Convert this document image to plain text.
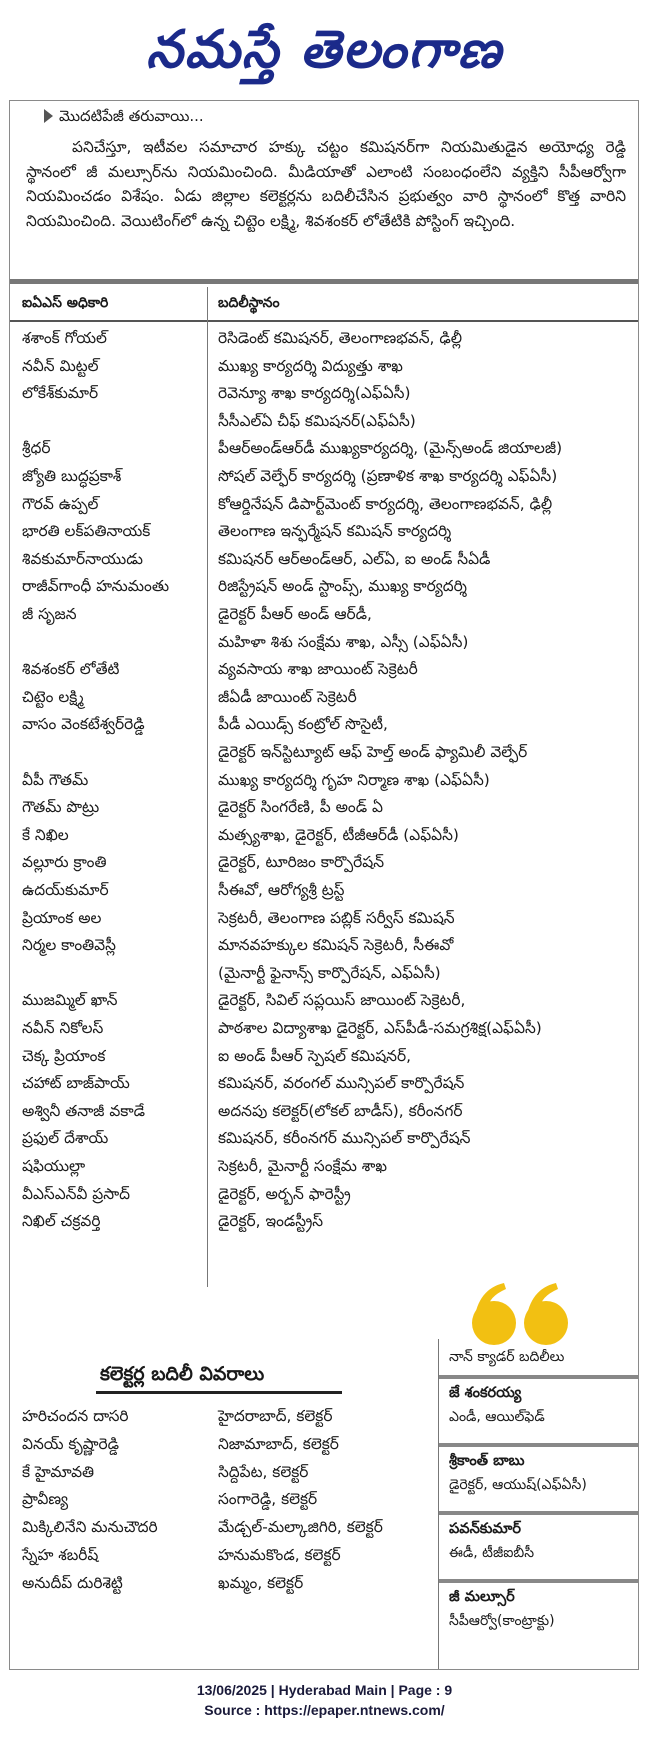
నమస్తే తెలంగాణ
మొదటిపేజీ తరువాయి...

పనిచేస్తూ, ఇటీవల సమాచార హక్కు చట్టం కమిషనర్‌గా నియమితుడైన అయోధ్య రెడ్డి స్థానంలో జీ మల్సూర్‌ను నియమించింది. మీడియాతో ఎలాంటి సంబంధంలేని వ్యక్తిని సీపీఆర్వోగా నియమించడం విశేషం. ఏడు జిల్లాల కలెక్టర్లను బదిలీచేసిన ప్రభుత్వం వారి స్థానంలో కొత్త వారిని నియమించింది. వెయిటింగ్‌లో ఉన్న చిట్టెం లక్ష్మి, శివశంకర్ లోతేటికి పోస్టింగ్ ఇచ్చింది.

ఐఏఎస్ అధికారి	బదిలీస్థానం
శశాంక్ గోయల్	రెసిడెంట్ కమిషనర్, తెలంగాణభవన్, ఢిల్లీ
నవీన్ మిట్టల్	ముఖ్య కార్యదర్శి విద్యుత్తు శాఖ
లోకేశ్‌కుమార్	రెవెన్యూ శాఖ కార్యదర్శి(ఎఫ్ఏసీ)
సీసీఎల్ఏ చీఫ్ కమిషనర్(ఎఫ్ఏసీ)
శ్రీధర్	పీఆర్అండ్ఆర్‌డీ ముఖ్యకార్యదర్శి, (మైన్స్అండ్ జియాలజీ)
జ్యోతి బుద్ధప్రకాశ్	సోషల్ వెల్ఫేర్ కార్యదర్శి (ప్రణాళిక శాఖ కార్యదర్శి ఎఫ్ఏసీ)
గౌరవ్ ఉప్పల్	కోఆర్డినేషన్ డిపార్ట్‌మెంట్ కార్యదర్శి, తెలంగాణభవన్, ఢిల్లీ
భారతి లక్‌పతినాయక్	తెలంగాణ ఇన్ఫర్మేషన్ కమిషన్ కార్యదర్శి
శివకుమార్‌నాయుడు	కమిషనర్ ఆర్అండ్ఆర్, ఎల్ఏ, ఐ అండ్ సీఏడీ
రాజీవ్‌గాంధీ హనుమంతు	రిజిస్ట్రేషన్ అండ్ స్టాంప్స్, ముఖ్య కార్యదర్శి
జీ సృజన	డైరెక్టర్ పీఆర్ అండ్ ఆర్‌డీ,
మహిళా శిశు సంక్షేమ శాఖ, ఎస్సీ (ఎఫ్ఏసీ)
శివశంకర్ లోతేటి	వ్యవసాయ శాఖ జాయింట్ సెక్రెటరీ
చిట్టెం లక్ష్మి	జీఏడీ జాయింట్ సెక్రెటరీ
వాసం వెంకటేశ్వర్‌రెడ్డి	పీడీ ఎయిడ్స్ కంట్రోల్ సొసైటీ,
డైరెక్టర్ ఇన్‌స్టిట్యూట్ ఆఫ్ హెల్త్ అండ్ ఫ్యామిలీ వెల్ఫేర్
వీపీ గౌతమ్	ముఖ్య కార్యదర్శి గృహ నిర్మాణ శాఖ (ఎఫ్ఏసీ)
గౌతమ్ పొట్రు	డైరెక్టర్ సింగరేణి, పీ అండ్ ఏ
కే నిఖిల	మత్స్యశాఖ, డైరెక్టర్, టీజీఆర్‌డీ (ఎఫ్ఏసీ)
వల్లూరు క్రాంతి	డైరెక్టర్, టూరిజం కార్పొరేషన్
ఉదయ్‌కుమార్	సీఈవో, ఆరోగ్యశ్రీ ట్రస్ట్
ప్రియాంక అల	సెక్రటరీ, తెలంగాణ పబ్లిక్ సర్వీస్ కమిషన్
నిర్మల కాంతివెస్లీ	మానవహక్కుల కమిషన్ సెక్రెటరీ, సీఈవో
(మైనార్టీ ఫైనాన్స్ కార్పొరేషన్, ఎఫ్ఏసీ)
ముజమ్మిల్ ఖాన్	డైరెక్టర్, సివిల్ సప్లయిస్ జాయింట్ సెక్రెటరీ,
నవీన్ నికోలస్	పాఠశాల విద్యాశాఖ డైరెక్టర్, ఎస్‌పీడీ-సమగ్రశిక్ష(ఎఫ్ఏసీ)
చెక్క ప్రియాంక	ఐ అండ్ పీఆర్ స్పెషల్ కమిషనర్,
చహాట్ బాజ్‌పాయ్	కమిషనర్, వరంగల్ మున్సిపల్ కార్పొరేషన్
అశ్వినీ తనాజీ వకాడే	అదనపు కలెక్టర్(లోకల్ బాడీస్), కరీంనగర్
ప్రఫుల్ దేశాయ్	కమిషనర్, కరీంనగర్ మున్సిపల్ కార్పొరేషన్
షఫియుల్లా	సెక్రటరీ, మైనార్టీ సంక్షేమ శాఖ
వీఎస్ఎన్‌వీ ప్రసాద్	డైరెక్టర్, అర్బన్ ఫారెస్ట్రీ
నిఖిల్ చక్రవర్తి	డైరెక్టర్, ఇండస్ట్రీస్
కలెక్టర్ల బదిలీ వివరాలు
హరిచందన దాసరి	హైదరాబాద్, కలెక్టర్
వినయ్ కృష్ణారెడ్డి	నిజామాబాద్, కలెక్టర్
కే హైమావతి	సిద్దిపేట, కలెక్టర్
ప్రావీణ్య	సంగారెడ్డి, కలెక్టర్
మిక్కిలినేని మనుచౌదరి	మేడ్చల్-మల్కాజిగిరి, కలెక్టర్
స్నేహ శబరీష్	హనుమకొండ, కలెక్టర్
అనుదీప్ దురిశెట్టి	ఖమ్మం, కలెక్టర్
నాన్ క్యాడర్ బదిలీలు
జే శంకరయ్య
ఎండీ, ఆయిల్‌ఫెడ్
శ్రీకాంత్ బాబు
డైరెక్టర్, ఆయుష్(ఎఫ్ఏసీ)
పవన్‌కుమార్
ఈడీ, టీజీఐబీసీ
జీ మల్సూర్
సీపీఆర్వో(కాంట్రాక్టు)
13/06/2025 | Hyderabad Main | Page : 9
Source : https://epaper.ntnews.com/
